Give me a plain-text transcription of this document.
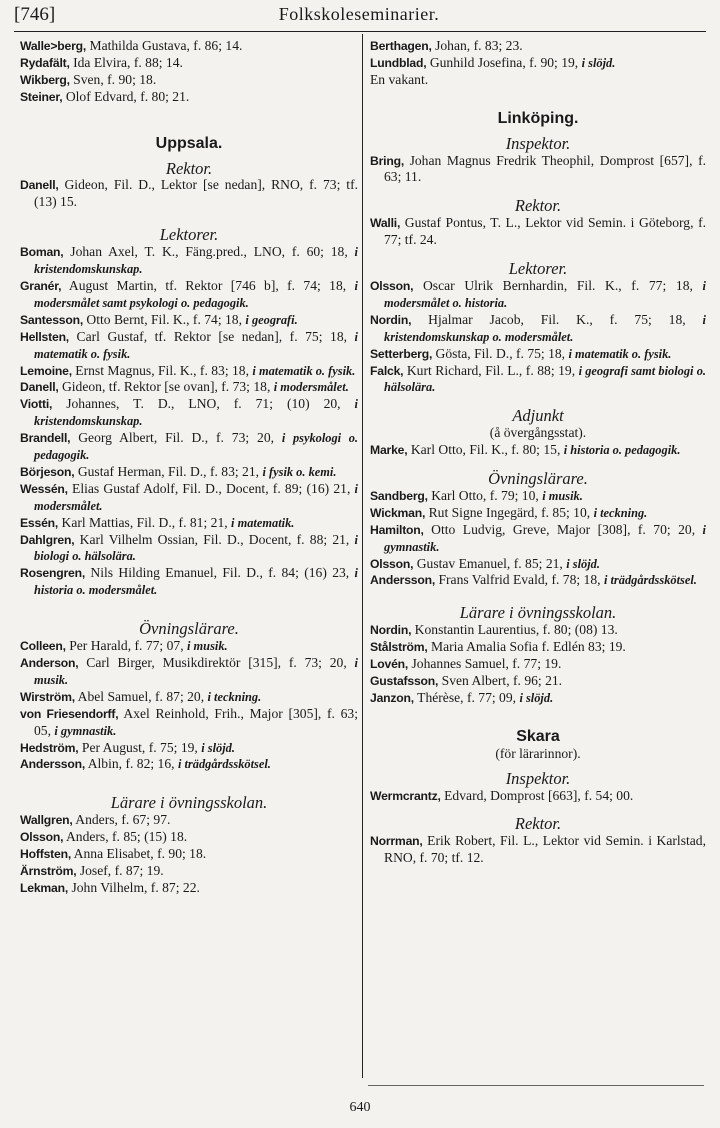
[746]	Folkskoleseminarier.

Walle>berg, Mathilda Gustava, f. 86; 14.

Rydafält, Ida Elvira, f. 88; 14.

Wikberg, Sven, f. 90; 18.

Steiner, Olof Edvard, f. 80; 21.

Uppsala.

Rektor.

Danell, Gideon, Fil. D., Lektor [se nedan], RNO, f. 73; tf. (13) 15.

Lektorer.

Boman, Johan Axel, T. K., Fäng.pred., LNO, f. 60; 18, i kristendomskunskap.

Granér, August Martin, tf. Rektor [746 b], f. 74; 18, i modersmålet samt psykologi o. pedagogik.

Santesson, Otto Bernt, Fil. K., f. 74; 18, i geografi.

Hellsten, Carl Gustaf, tf. Rektor [se nedan], f. 75; 18, i matematik o. fysik.

Lemoine, Ernst Magnus, Fil. K., f. 83; 18, i matematik o. fysik.

Danell, Gideon, tf. Rektor [se ovan], f. 73; 18, i modersmålet.

Viotti, Johannes, T. D., LNO, f. 71; (10) 20, i kristendomskunskap.

Brandell, Georg Albert, Fil. D., f. 73; 20, i psykologi o. pedagogik.

Börjeson, Gustaf Herman, Fil. D., f. 83; 21, i fysik o. kemi.

Wessén, Elias Gustaf Adolf, Fil. D., Docent, f. 89; (16) 21, i modersmålet.

Essén, Karl Mattias, Fil. D., f. 81; 21, i matematik.

Dahlgren, Karl Vilhelm Ossian, Fil. D., Docent, f. 88; 21, i biologi o. hälsolära.

Rosengren, Nils Hilding Emanuel, Fil. D., f. 84; (16) 23, i historia o. modersmålet.

Övningslärare.

Colleen, Per Harald, f. 77; 07, i musik.

Anderson, Carl Birger, Musikdirektör [315], f. 73; 20, i musik.

Wirström, Abel Samuel, f. 87; 20, i teckning.

von Friesendorff, Axel Reinhold, Frih., Major [305], f. 63; 05, i gymnastik.

Hedström, Per August, f. 75; 19, i slöjd.

Andersson, Albin, f. 82; 16, i trädgårdsskötsel.

Lärare i övningsskolan.

Wallgren, Anders, f. 67; 97.

Olsson, Anders, f. 85; (15) 18.

Hoffsten, Anna Elisabet, f. 90; 18.

Ärnström, Josef, f. 87; 19.

Lekman, John Vilhelm, f. 87; 22.

Berthagen, Johan, f. 83; 23.

Lundblad, Gunhild Josefina, f. 90; 19, i slöjd.

En vakant.

Linköping.

Inspektor.

Bring, Johan Magnus Fredrik Theophil, Domprost [657], f. 63; 11.

Rektor.

Walli, Gustaf Pontus, T. L., Lektor vid Semin. i Göteborg, f. 77; tf. 24.

Lektorer.

Olsson, Oscar Ulrik Bernhardin, Fil. K., f. 77; 18, i modersmålet o. historia.

Nordin, Hjalmar Jacob, Fil. K., f. 75; 18, i kristendomskunskap o. modersmålet.

Setterberg, Gösta, Fil. D., f. 75; 18, i matematik o. fysik.

Falck, Kurt Richard, Fil. L., f. 88; 19, i geografi samt biologi o. hälsolära.

Adjunkt

(å övergångsstat).

Marke, Karl Otto, Fil. K., f. 80; 15, i historia o. pedagogik.

Övningslärare.

Sandberg, Karl Otto, f. 79; 10, i musik.

Wickman, Rut Signe Ingegärd, f. 85; 10, i teckning.

Hamilton, Otto Ludvig, Greve, Major [308], f. 70; 20, i gymnastik.

Olsson, Gustav Emanuel, f. 85; 21, i slöjd.

Andersson, Frans Valfrid Evald, f. 78; 18, i trädgårdsskötsel.

Lärare i övningsskolan.

Nordin, Konstantin Laurentius, f. 80; (08) 13.

Stålström, Maria Amalia Sofia f. Edlén 83; 19.

Lovén, Johannes Samuel, f. 77; 19.

Gustafsson, Sven Albert, f. 96; 21.

Janzon, Thérèse, f. 77; 09, i slöjd.

Skara

(för lärarinnor).

Inspektor.

Wermcrantz, Edvard, Domprost [663], f. 54; 00.

Rektor.

Norrman, Erik Robert, Fil. L., Lektor vid Semin. i Karlstad, RNO, f. 70; tf. 12.

640
